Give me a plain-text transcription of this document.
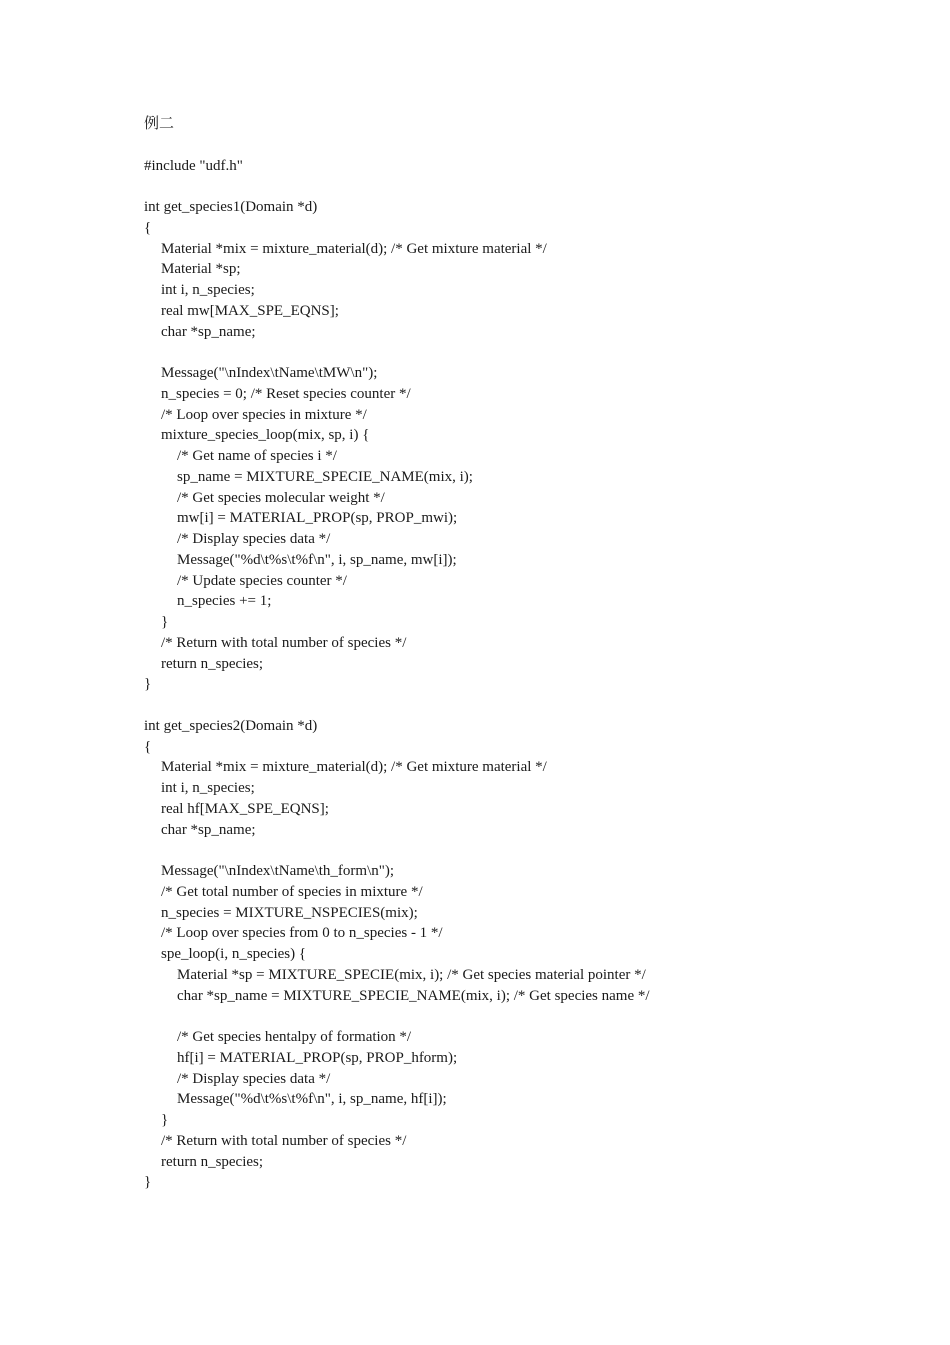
例二
#include "udf.h"
int get_species1(Domain *d)
{
Material *mix = mixture_material(d); /* Get mixture material */
Material *sp;
int i, n_species;
real mw[MAX_SPE_EQNS];
char *sp_name;
Message("\nIndex\tName\tMW\n");
n_species = 0; /* Reset species counter */
/* Loop over species in mixture */
mixture_species_loop(mix, sp, i) {
/* Get name of species i */
sp_name = MIXTURE_SPECIE_NAME(mix, i);
/* Get species molecular weight */
mw[i] = MATERIAL_PROP(sp, PROP_mwi);
/* Display species data */
Message("%d\t%s\t%f\n", i, sp_name, mw[i]);
/* Update species counter */
n_species += 1;
}
/* Return with total number of species */
return n_species;
}
int get_species2(Domain *d)
{
Material *mix = mixture_material(d); /* Get mixture material */
int i, n_species;
real hf[MAX_SPE_EQNS];
char *sp_name;
Message("\nIndex\tName\th_form\n");
/* Get total number of species in mixture */
n_species = MIXTURE_NSPECIES(mix);
/* Loop over species from 0 to n_species - 1 */
spe_loop(i, n_species) {
Material *sp = MIXTURE_SPECIE(mix, i); /* Get species material pointer */
char *sp_name = MIXTURE_SPECIE_NAME(mix, i); /* Get species name */
/* Get species hentalpy of formation */
hf[i] = MATERIAL_PROP(sp, PROP_hform);
/* Display species data */
Message("%d\t%s\t%f\n", i, sp_name, hf[i]);
}
/* Return with total number of species */
return n_species;
}
